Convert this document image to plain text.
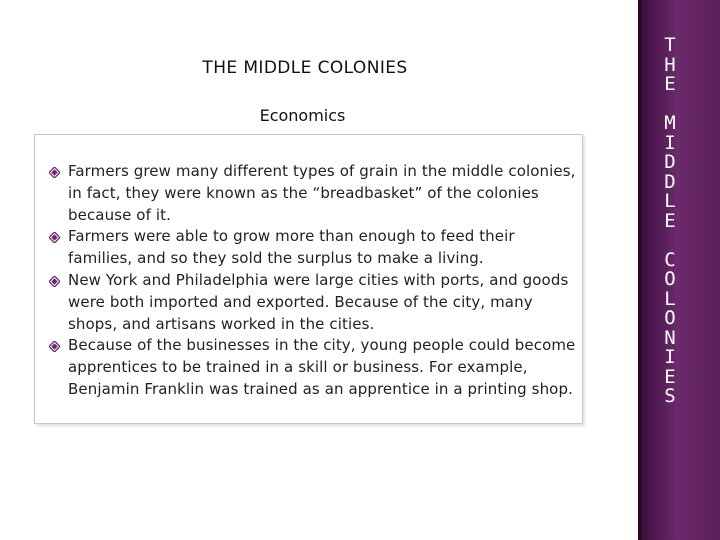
THE MIDDLE COLONIES
Economics
Farmers grew many different types of grain in the middle colonies, in fact, they were known as the “breadbasket” of the colonies because of it.
Farmers were able to grow more than enough to feed their families, and so they sold the surplus to make a living.
New York and Philadelphia were large cities with ports, and goods were both imported and exported. Because of the city, many shops, and artisans worked in the cities.
Because of the businesses in the city, young people could become apprentices to be trained in a skill or business. For example, Benjamin Franklin was trained as an apprentice in a printing shop.
T
H
E
M
I
D
D
L
E
C
O
L
O
N
I
E
S
